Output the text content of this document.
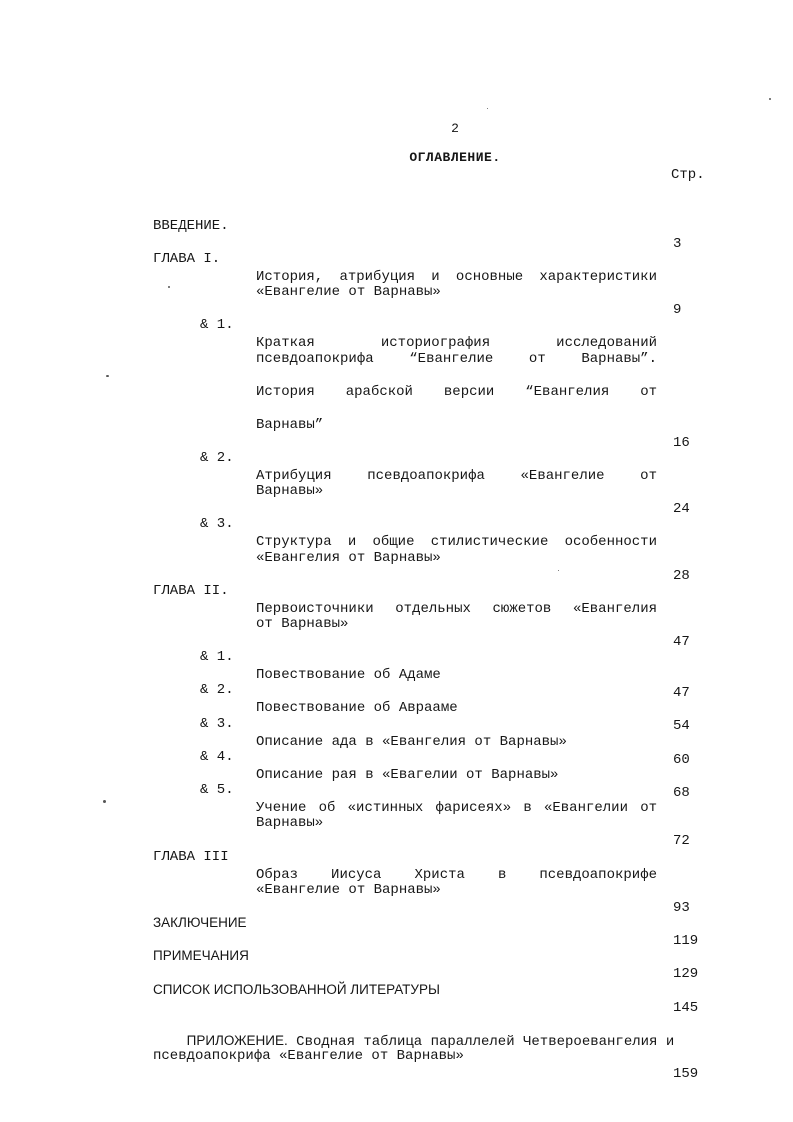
2
ОГЛАВЛЕНИЕ.
Стр.

ВВЕДЕНИЕ.

3

ГЛАВА I.

История, атрибуция и основные характеристики

«Евангелие от Варнавы»

9

& 1.

Краткая историография исследований

псевдоапокрифа “Евангелие от Варнавы”.

История арабской версии “Евангелия от

Варнавы”

16

& 2.

Атрибуция псевдоапокрифа «Евангелие от

Варнавы»

24

& 3.

Структура и общие стилистические особенности

«Евангелия от Варнавы»

28

ГЛАВА II.

Первоисточники отдельных сюжетов «Евангелия

от Варнавы»

47

& 1.

Повествование об Адаме

47

& 2.

Повествование об Аврааме

54

& 3.

Описание ада в «Евангелия от Варнавы»

60

& 4.

Описание рая в «Евагелии от Варнавы»

68

& 5.

Учение об «истинных фарисеях» в «Евангелии от

Варнавы»

72

ГЛАВА III

Образ Иисуса Христа в псевдоапокрифе

«Евангелие от Варнавы»

93

ЗАКЛЮЧЕНИЕ

119

ПРИМЕЧАНИЯ

129

СПИСОК ИСПОЛЬЗОВАННОЙ ЛИТЕРАТУРЫ

145

ПРИЛОЖЕНИЕ. Сводная таблица параллелей Четвероевангелия и

псевдоапокрифа «Евангелие от Варнавы»

159
